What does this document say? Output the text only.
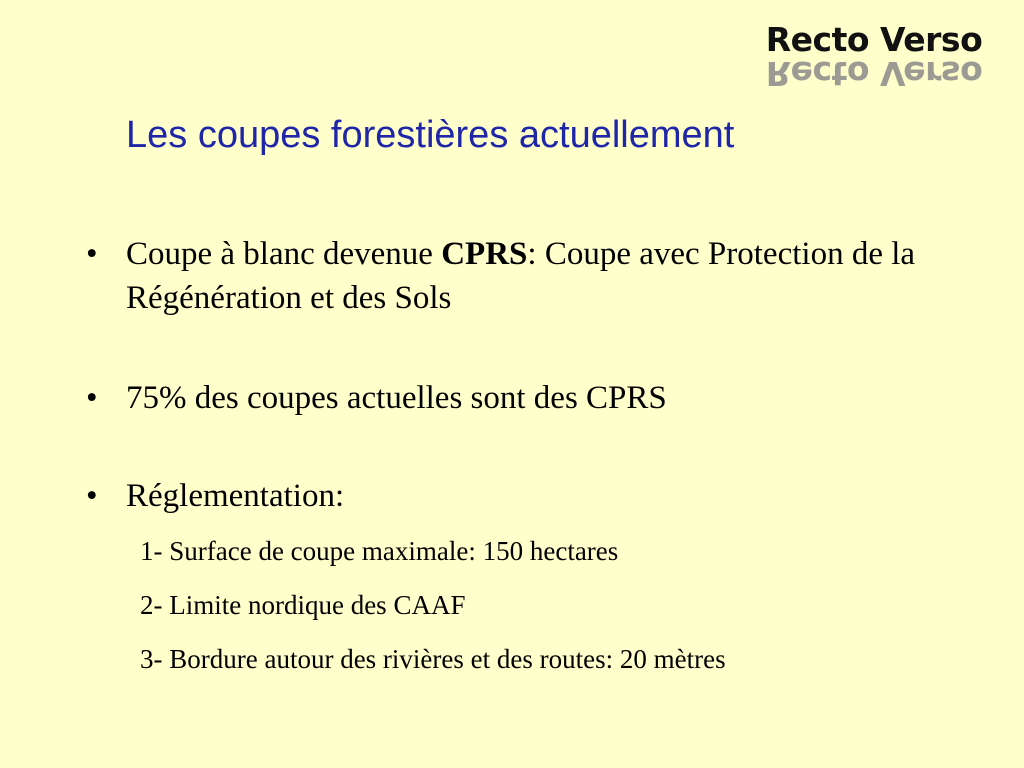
Recto Verso
Recto Verso
Les coupes forestières actuellement
• Coupe à blanc devenue CPRS: Coupe avec Protection de la Régénération et des Sols
• 75% des coupes actuelles sont des CPRS
• Réglementation:
1- Surface de coupe maximale: 150 hectares
2- Limite nordique des CAAF
3- Bordure autour des rivières et des routes: 20 mètres
